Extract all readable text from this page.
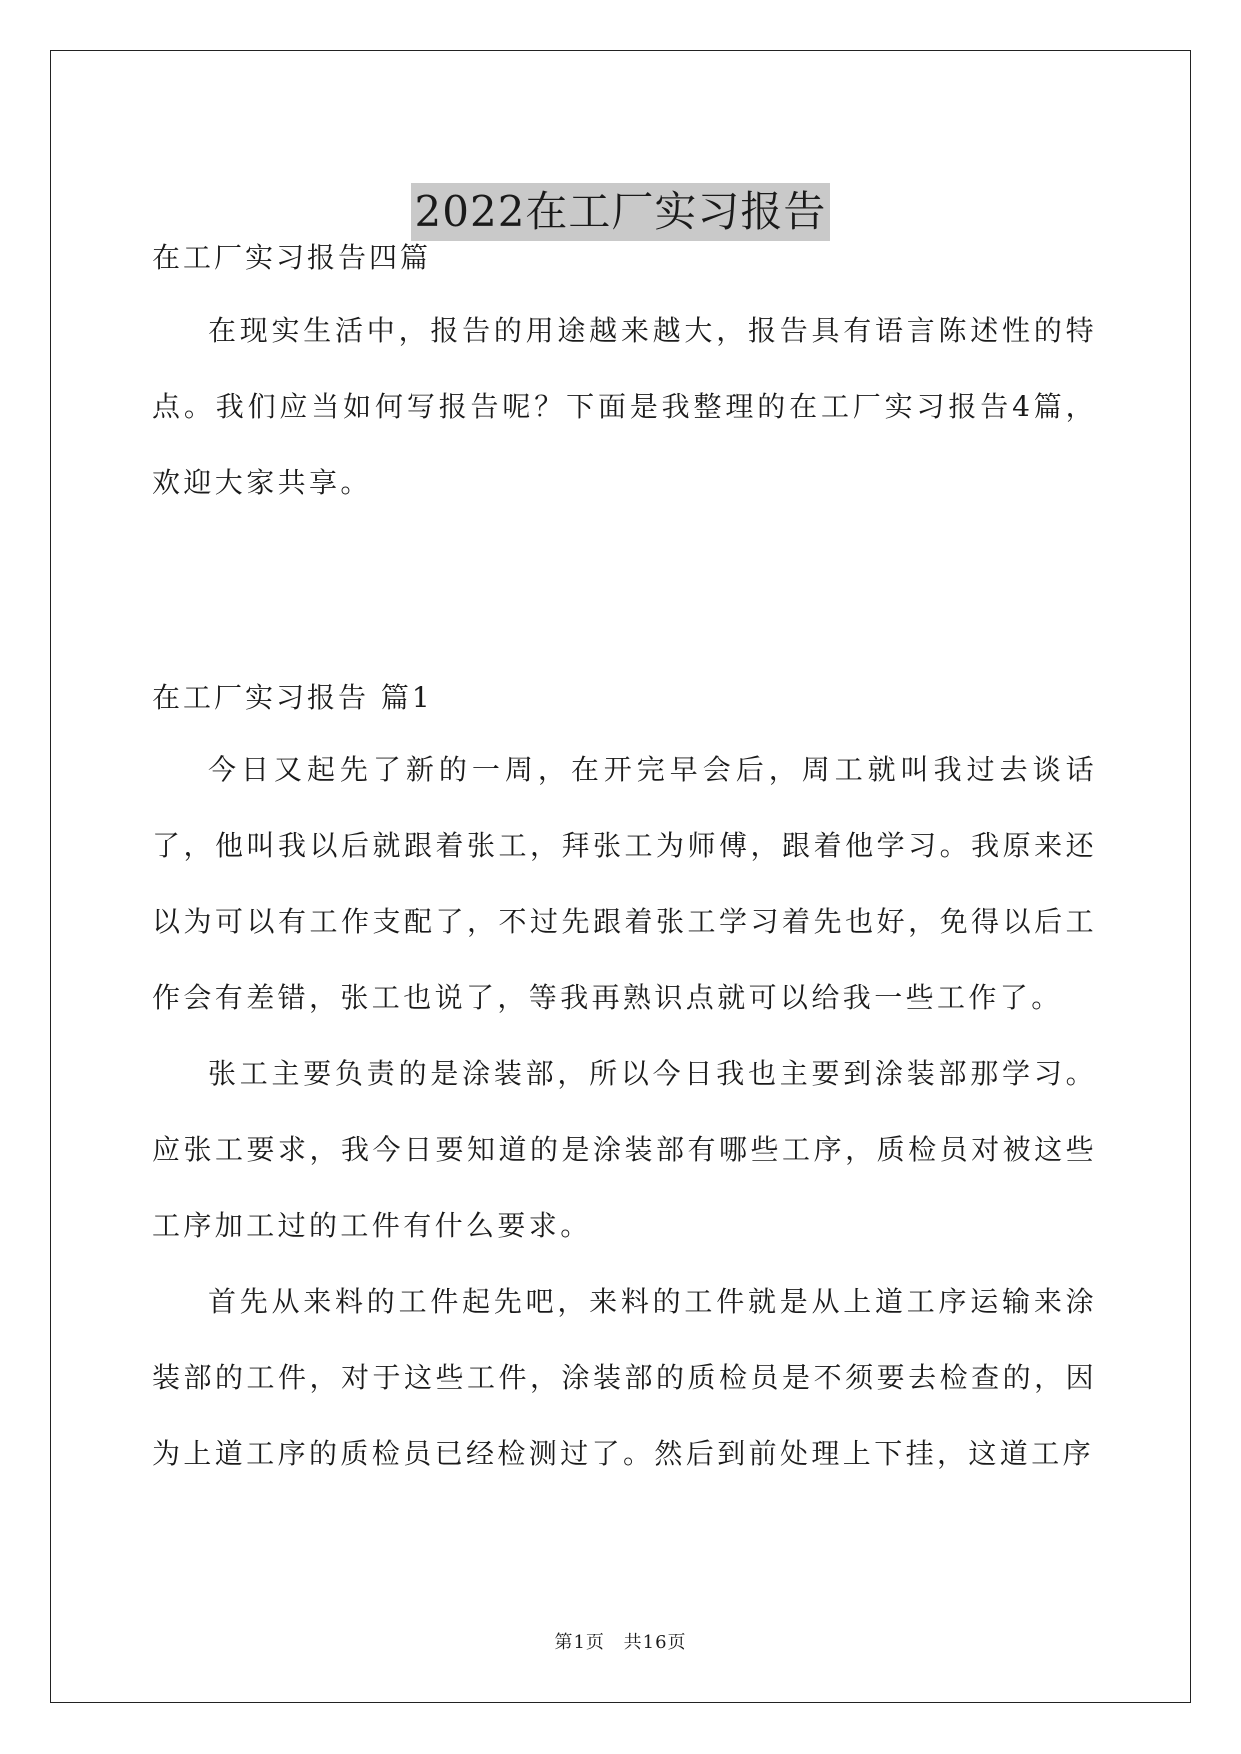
2022在工厂实习报告
在工厂实习报告四篇

在现实生活中，报告的用途越来越大，报告具有语言陈述性的特点。我们应当如何写报告呢？下面是我整理的在工厂实习报告4篇，欢迎大家共享。

在工厂实习报告 篇1

今日又起先了新的一周，在开完早会后，周工就叫我过去谈话了，他叫我以后就跟着张工，拜张工为师傅，跟着他学习。我原来还以为可以有工作支配了，不过先跟着张工学习着先也好，免得以后工作会有差错，张工也说了，等我再熟识点就可以给我一些工作了。

张工主要负责的是涂装部，所以今日我也主要到涂装部那学习。应张工要求，我今日要知道的是涂装部有哪些工序，质检员对被这些工序加工过的工件有什么要求。

首先从来料的工件起先吧，来料的工件就是从上道工序运输来涂装部的工件，对于这些工件，涂装部的质检员是不须要去检查的，因为上道工序的质检员已经检测过了。然后到前处理上下挂，这道工序

第1页 共16页
